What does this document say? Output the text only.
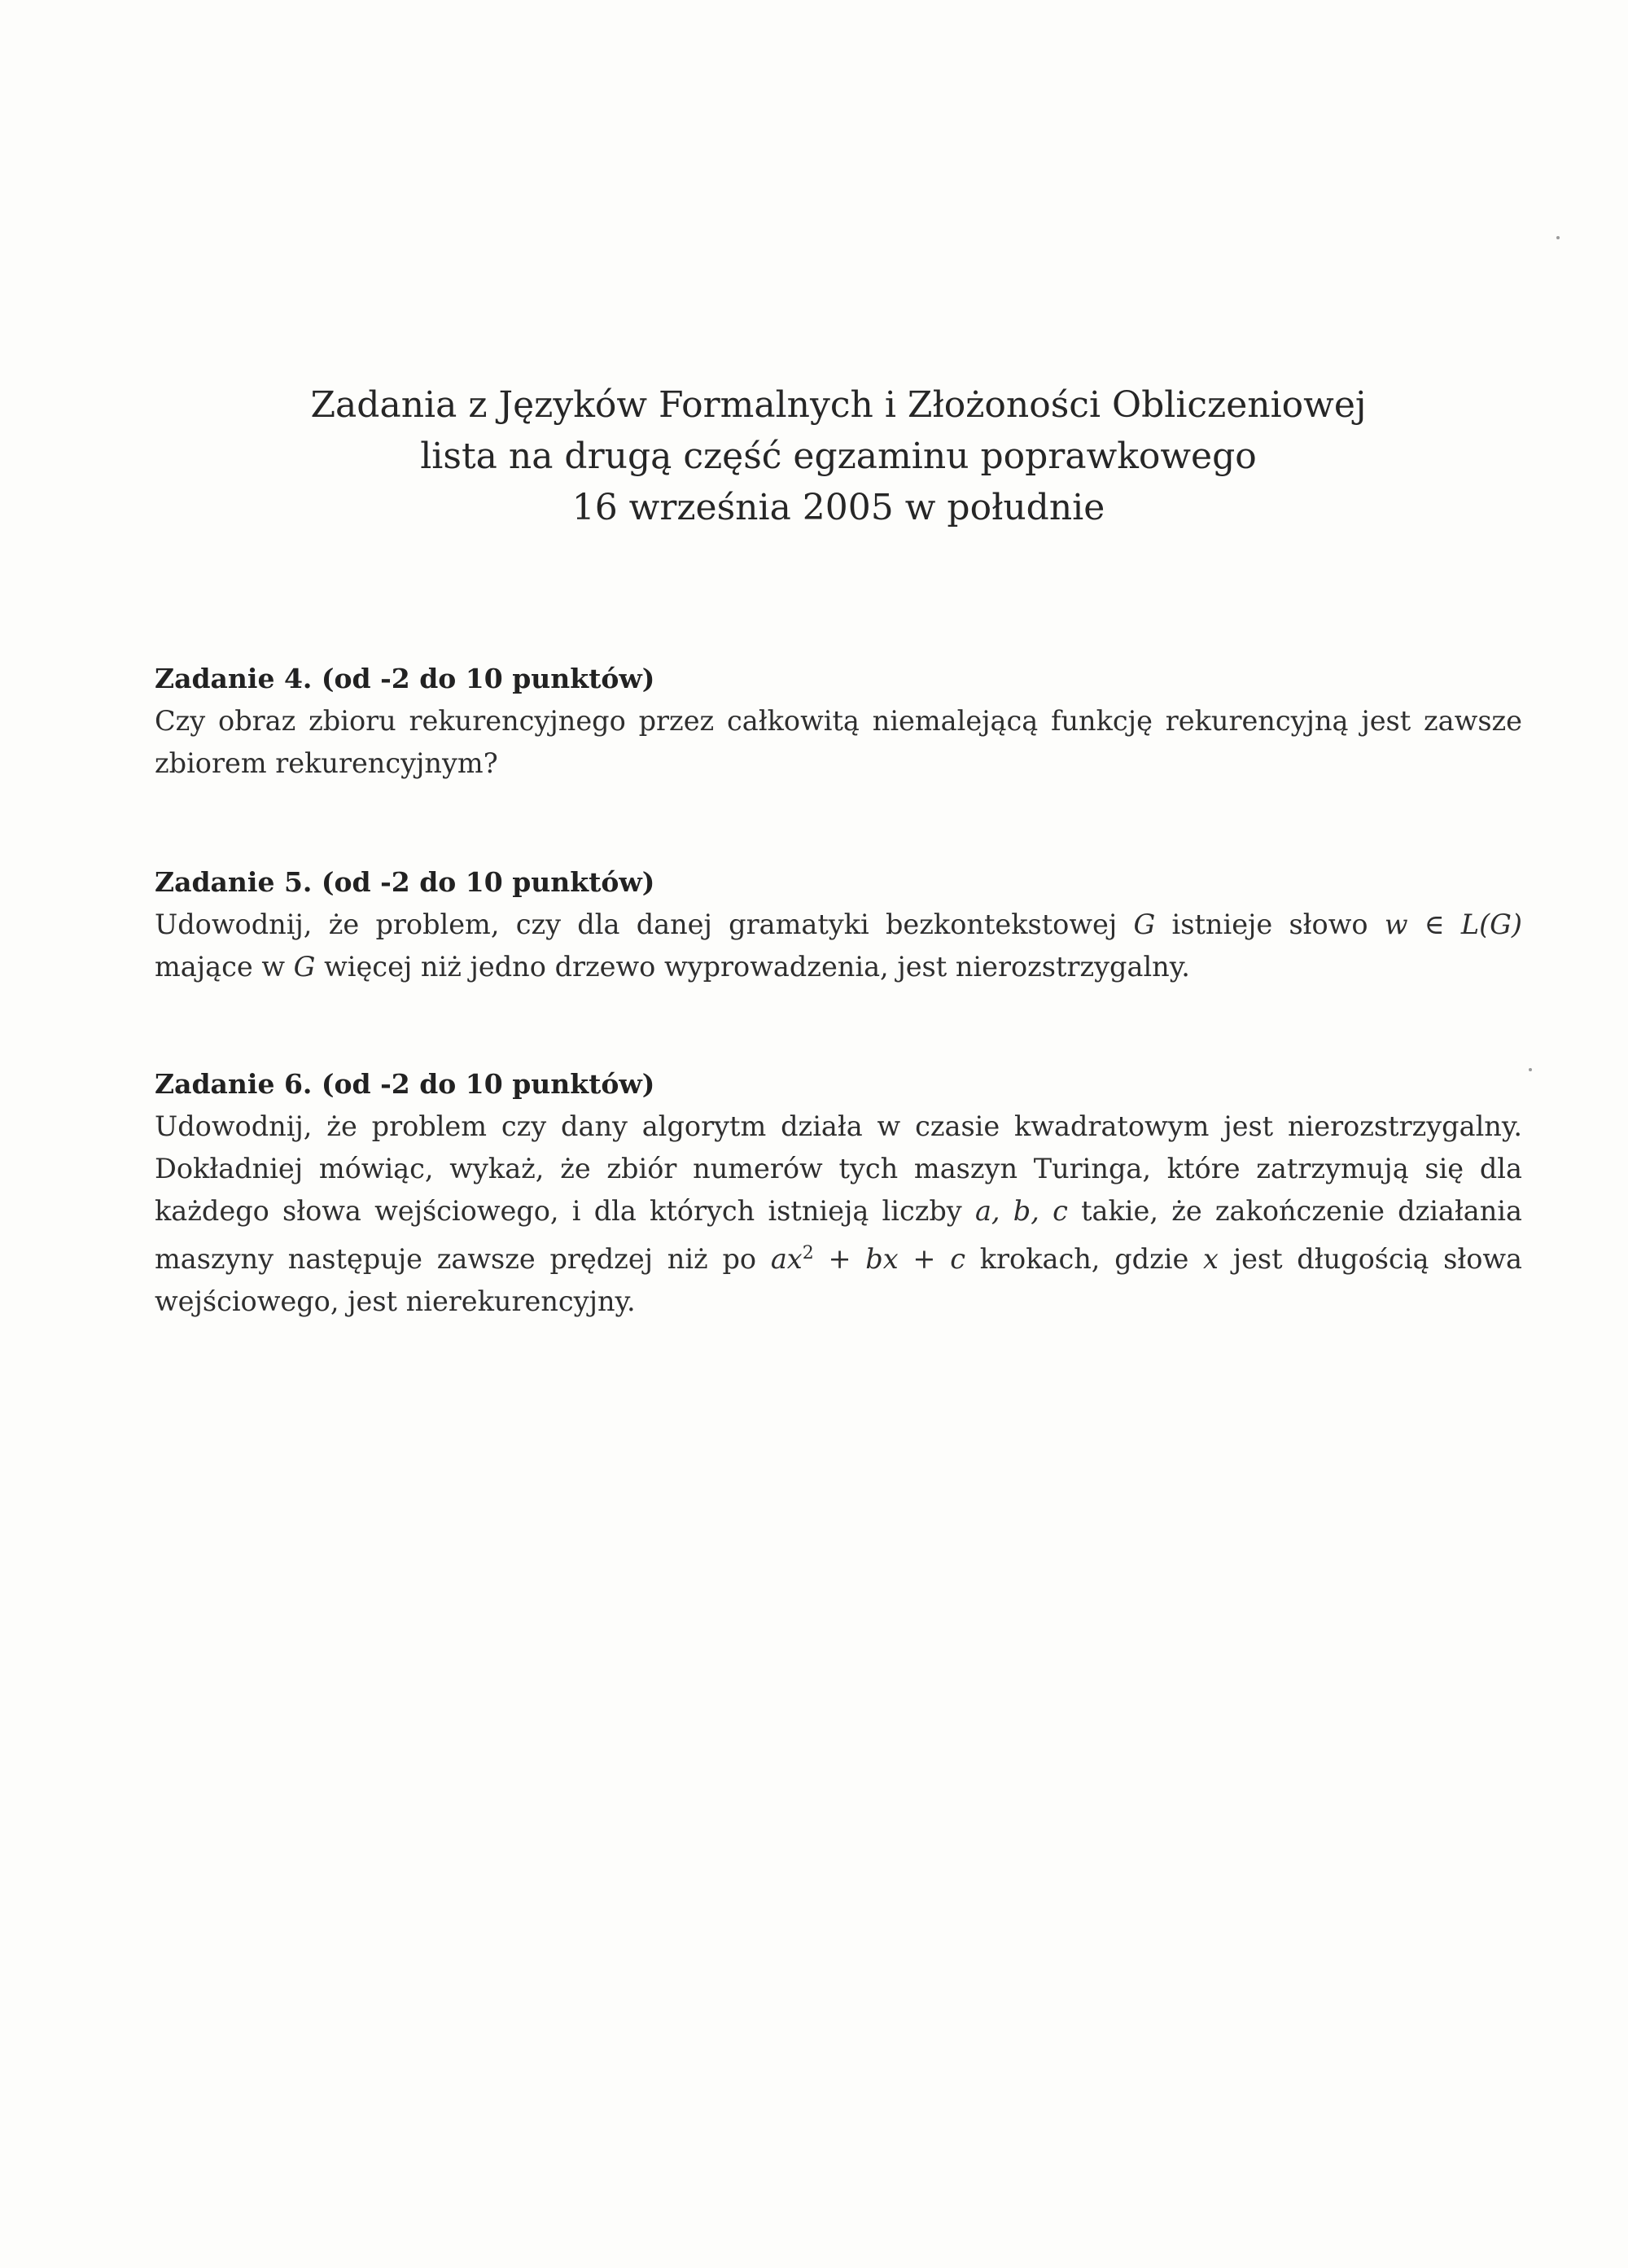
Zadania z Języków Formalnych i Złożoności Obliczeniowej
lista na drugą część egzaminu poprawkowego
16 września 2005 w południe
Zadanie 4. (od -2 do 10 punktów)
Czy obraz zbioru rekurencyjnego przez całkowitą niemalejącą funkcję rekurencyjną jest zawsze
zbiorem rekurencyjnym?
Zadanie 5. (od -2 do 10 punktów)
Udowodnij, że problem, czy dla danej gramatyki bezkontekstowej G istnieje słowo w ∈ L(G)
mające w G więcej niż jedno drzewo wyprowadzenia, jest nierozstrzygalny.
Zadanie 6. (od -2 do 10 punktów)
Udowodnij, że problem czy dany algorytm działa w czasie kwadratowym jest nierozstrzygalny.
Dokładniej mówiąc, wykaż, że zbiór numerów tych maszyn Turinga, które zatrzymują się dla
każdego słowa wejściowego, i dla których istnieją liczby a, b, c takie, że zakończenie działania
maszyny następuje zawsze prędzej niż po $ax^2$ + bx + c krokach, gdzie x jest długością słowa
wejściowego, jest nierekurencyjny.
